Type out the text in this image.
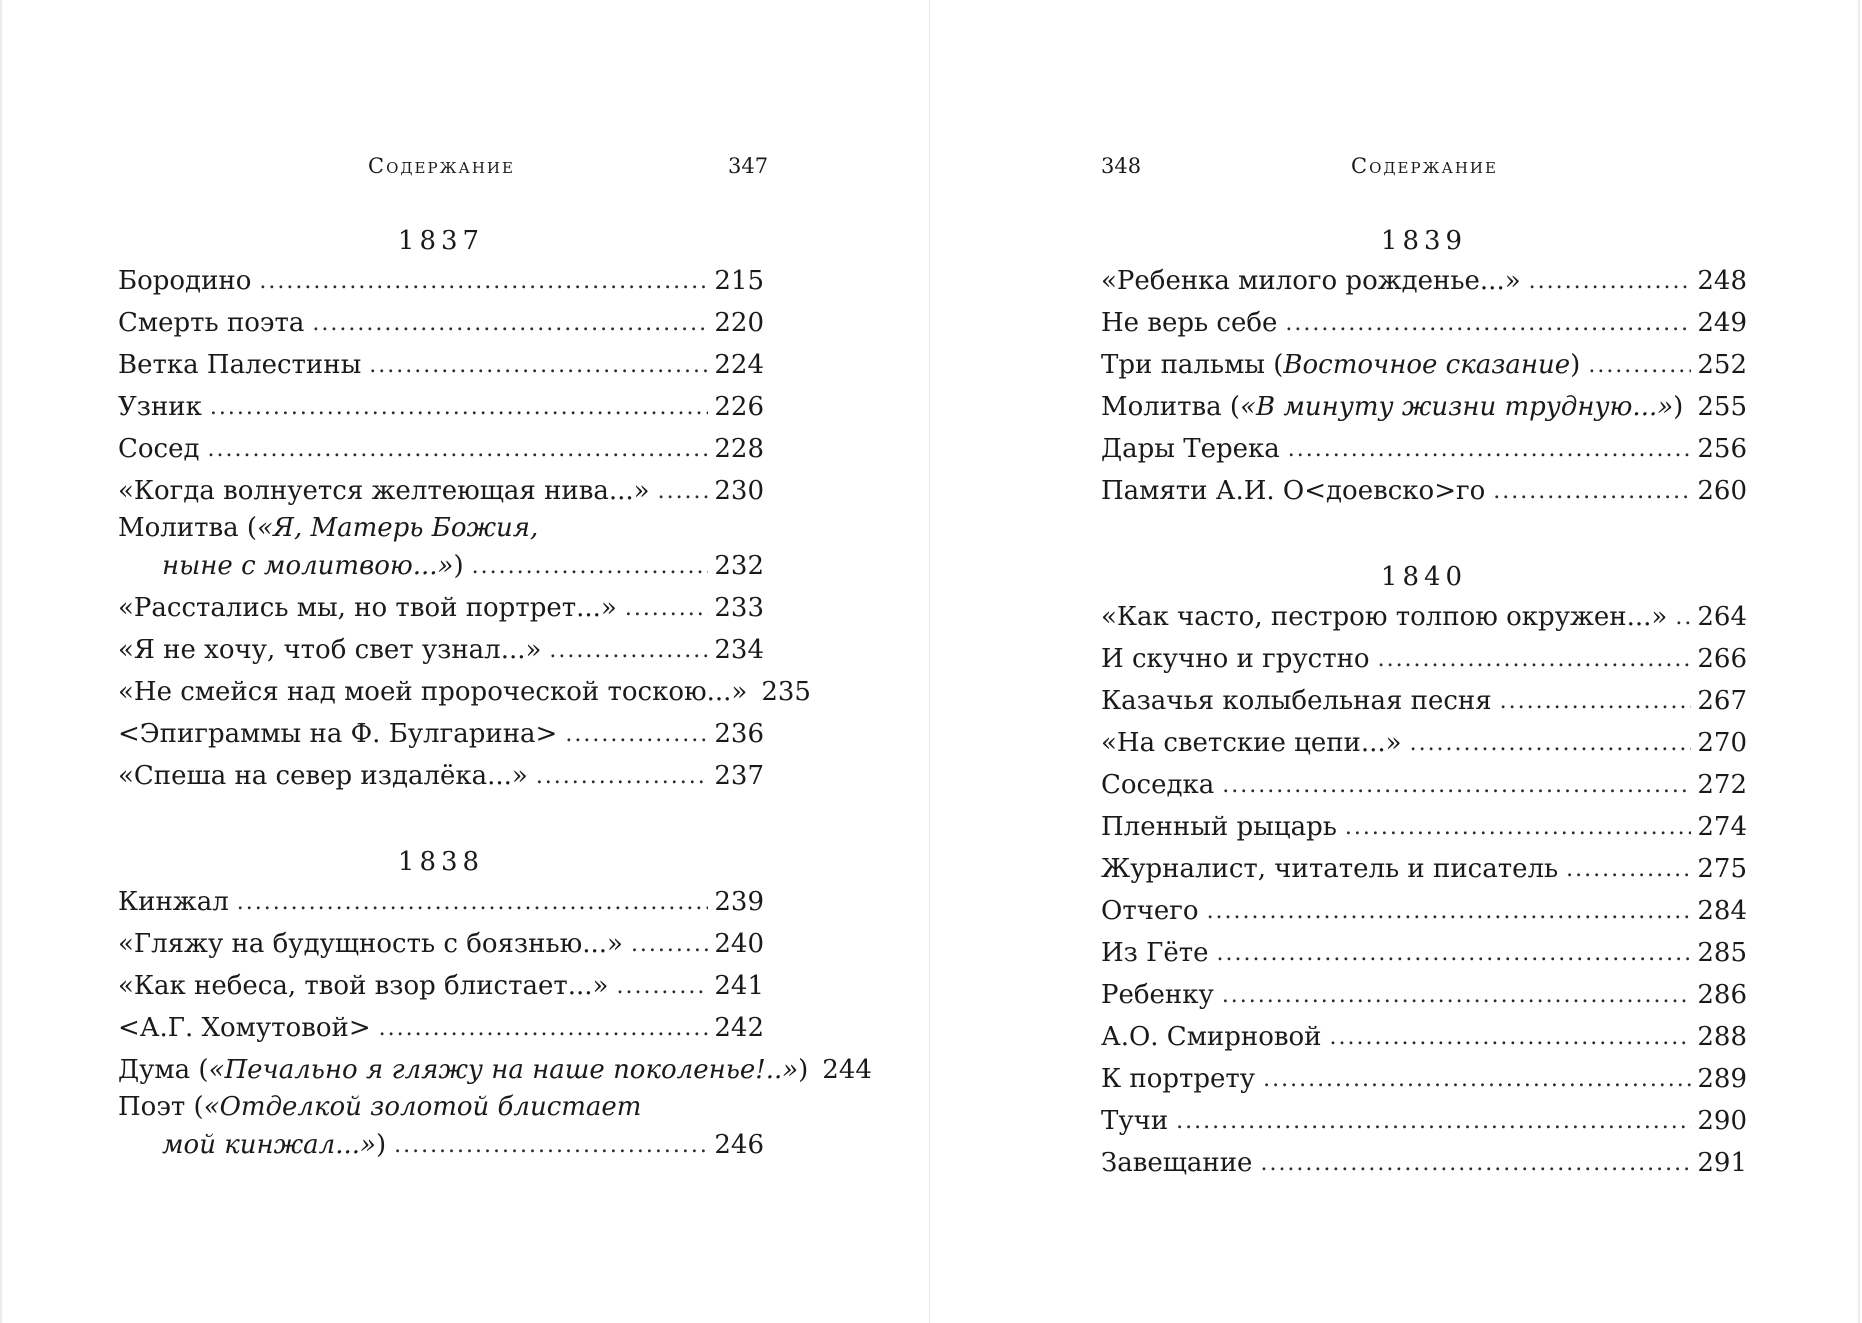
Содержание	347
1837
Бородино .....	215
Смерть поэта .....	220
Ветка Палестины .....	224
Узник .....	226
Сосед .....	228
«Когда волнуется желтеющая нива...» .....	230
Молитва («Я, Матерь Божия,
ныне с молитвою...») .....	232
«Расстались мы, но твой портрет...» .....	233
«Я не хочу, чтоб свет узнал...» .....	234
«Не смейся над моей пророческой тоскою...» 235
<Эпиграммы на Ф. Булгарина> .....	236
«Спеша на север издалёка...» .....	237
1838
Кинжал .....	239
«Гляжу на будущность с боязнью...» .....	240
«Как небеса, твой взор блистает...» .....	241
<А.Г. Хомутовой> .....	242
Дума («Печально я гляжу на наше поколенье!..») 244
Поэт («Отделкой золотой блистает
мой кинжал...») .....	246
348	Содержание
1839
«Ребенка милого рожденье...» .....	248
Не верь себе .....	249
Три пальмы (Восточное сказание) .....	252
Молитва («В минуту жизни трудную...») ..... 255
Дары Терека .....	256
Памяти А.И. О<доевско>го .....	260
1840
«Как часто, пестрою толпою окружен...» .....	264
И скучно и грустно .....	266
Казачья колыбельная песня .....	267
«На светские цепи...» .....	270
Соседка .....	272
Пленный рыцарь .....	274
Журналист, читатель и писатель .....	275
Отчего .....	284
Из Гёте .....	285
Ребенку .....	286
А.О. Смирновой .....	288
К портрету .....	289
Тучи .....	290
Завещание .....	291
